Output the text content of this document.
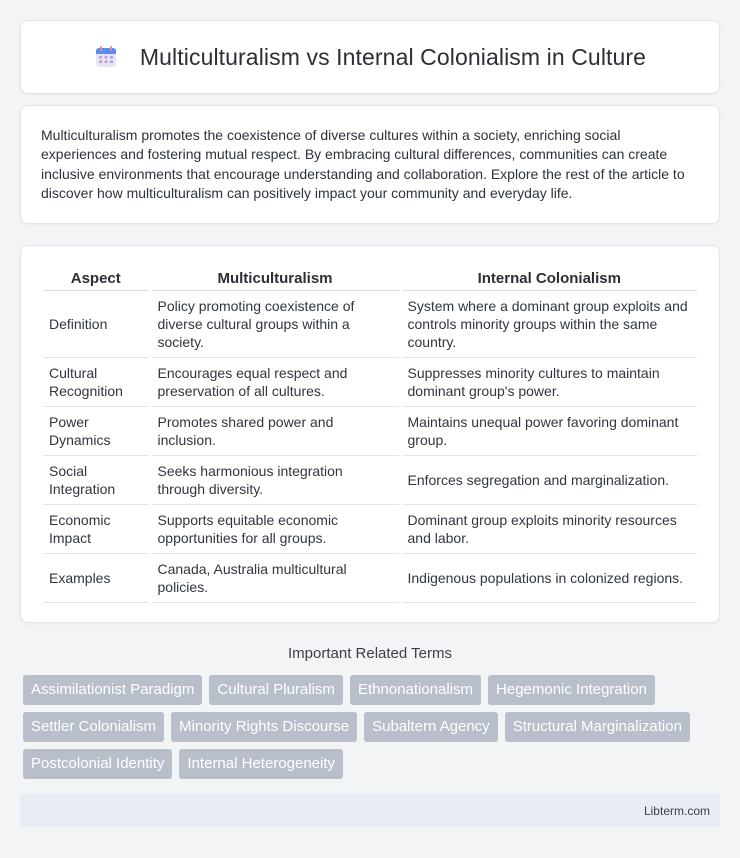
Multiculturalism vs Internal Colonialism in Culture

Multiculturalism promotes the coexistence of diverse cultures within a society, enriching social experiences and fostering mutual respect. By embracing cultural differences, communities can create inclusive environments that encourage understanding and collaboration. Explore the rest of the article to discover how multiculturalism can positively impact your community and everyday life.

Aspect	Multiculturalism	Internal Colonialism
Definition	Policy promoting coexistence of diverse cultural groups within a society.	System where a dominant group exploits and controls minority groups within the same country.
Cultural Recognition	Encourages equal respect and preservation of all cultures.	Suppresses minority cultures to maintain dominant group's power.
Power Dynamics	Promotes shared power and inclusion.	Maintains unequal power favoring dominant group.
Social Integration	Seeks harmonious integration through diversity.	Enforces segregation and marginalization.
Economic Impact	Supports equitable economic opportunities for all groups.	Dominant group exploits minority resources and labor.
Examples	Canada, Australia multicultural policies.	Indigenous populations in colonized regions.
Important Related Terms
Assimilationist Paradigm	Cultural Pluralism	Ethnonationalism	Hegemonic Integration
Settler Colonialism	Minority Rights Discourse	Subaltern Agency	Structural Marginalization
Postcolonial Identity	Internal Heterogeneity
Libterm.com
